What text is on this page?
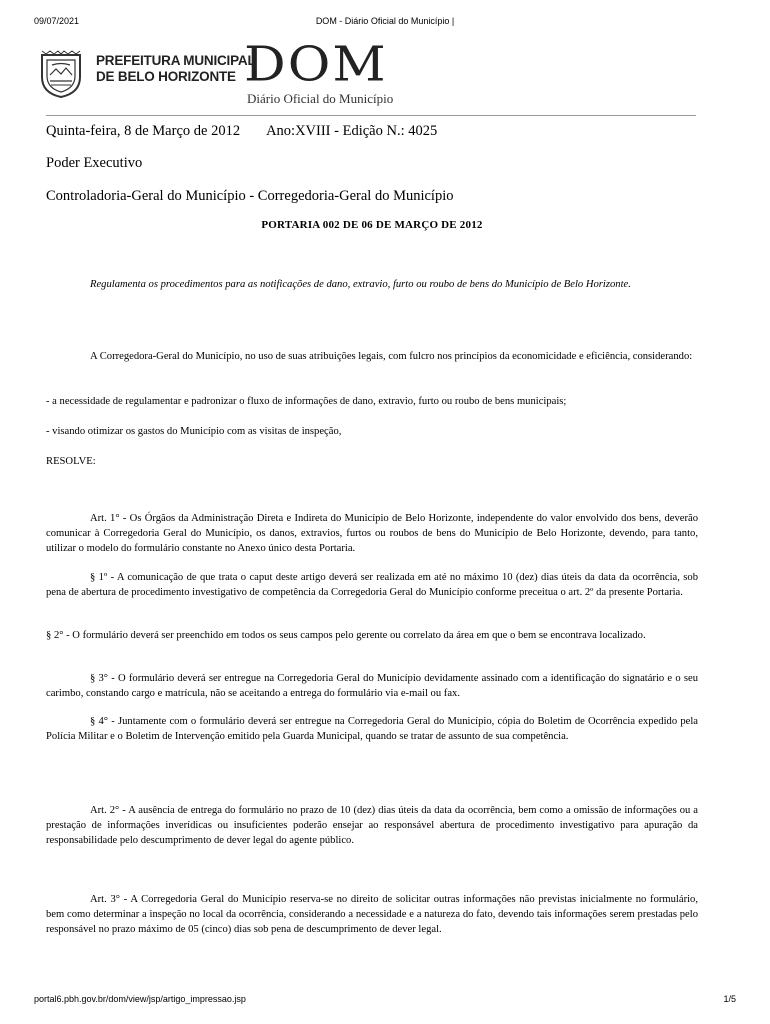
09/07/2021	DOM - Diário Oficial do Município |
PREFEITURA MUNICIPAL
DE BELO HORIZONTE DOM
Diário Oficial do Município
Quinta-feira, 8 de Março de 2012 Ano:XVIII - Edição N.: 4025
Poder Executivo
Controladoria-Geral do Município - Corregedoria-Geral do Município
PORTARIA 002 DE 06 DE MARÇO DE 2012
Regulamenta os procedimentos para as notificações de dano, extravio, furto ou roubo de bens do Município de Belo Horizonte.
A Corregedora-Geral do Município, no uso de suas atribuições legais, com fulcro nos princípios da economicidade e eficiência, considerando:
- a necessidade de regulamentar e padronizar o fluxo de informações de dano, extravio, furto ou roubo de bens municipais;
- visando otimizar os gastos do Município com as visitas de inspeção,
RESOLVE:
Art. 1° - Os Órgãos da Administração Direta e Indireta do Município de Belo Horizonte, independente do valor envolvido dos bens, deverão comunicar à Corregedoria Geral do Município, os danos, extravios, furtos ou roubos de bens do Município de Belo Horizonte, devendo, para tanto, utilizar o modelo do formulário constante no Anexo único desta Portaria.
§ 1º - A comunicação de que trata o caput deste artigo deverá ser realizada em até no máximo 10 (dez) dias úteis da data da ocorrência, sob pena de abertura de procedimento investigativo de competência da Corregedoria Geral do Município conforme preceitua o art. 2º da presente Portaria.
§ 2° - O formulário deverá ser preenchido em todos os seus campos pelo gerente ou correlato da área em que o bem se encontrava localizado.
§ 3° - O formulário deverá ser entregue na Corregedoria Geral do Município devidamente assinado com a identificação do signatário e o seu carimbo, constando cargo e matrícula, não se aceitando a entrega do formulário via e-mail ou fax.
§ 4° - Juntamente com o formulário deverá ser entregue na Corregedoria Geral do Município, cópia do Boletim de Ocorrência expedido pela Polícia Militar e o Boletim de Intervenção emitido pela Guarda Municipal, quando se tratar de assunto de sua competência.
Art. 2° - A ausência de entrega do formulário no prazo de 10 (dez) dias úteis da data da ocorrência, bem como a omissão de informações ou a prestação de informações inverídicas ou insuficientes poderão ensejar ao responsável abertura de procedimento investigativo para apuração da responsabilidade pelo descumprimento de dever legal do agente público.
Art. 3° - A Corregedoria Geral do Município reserva-se no direito de solicitar outras informações não previstas inicialmente no formulário, bem como determinar a inspeção no local da ocorrência, considerando a necessidade e a natureza do fato, devendo tais informações serem prestadas pelo responsável no prazo máximo de 05 (cinco) dias sob pena de descumprimento de dever legal.
portal6.pbh.gov.br/dom/view/jsp/artigo_impressao.jsp	1/5
